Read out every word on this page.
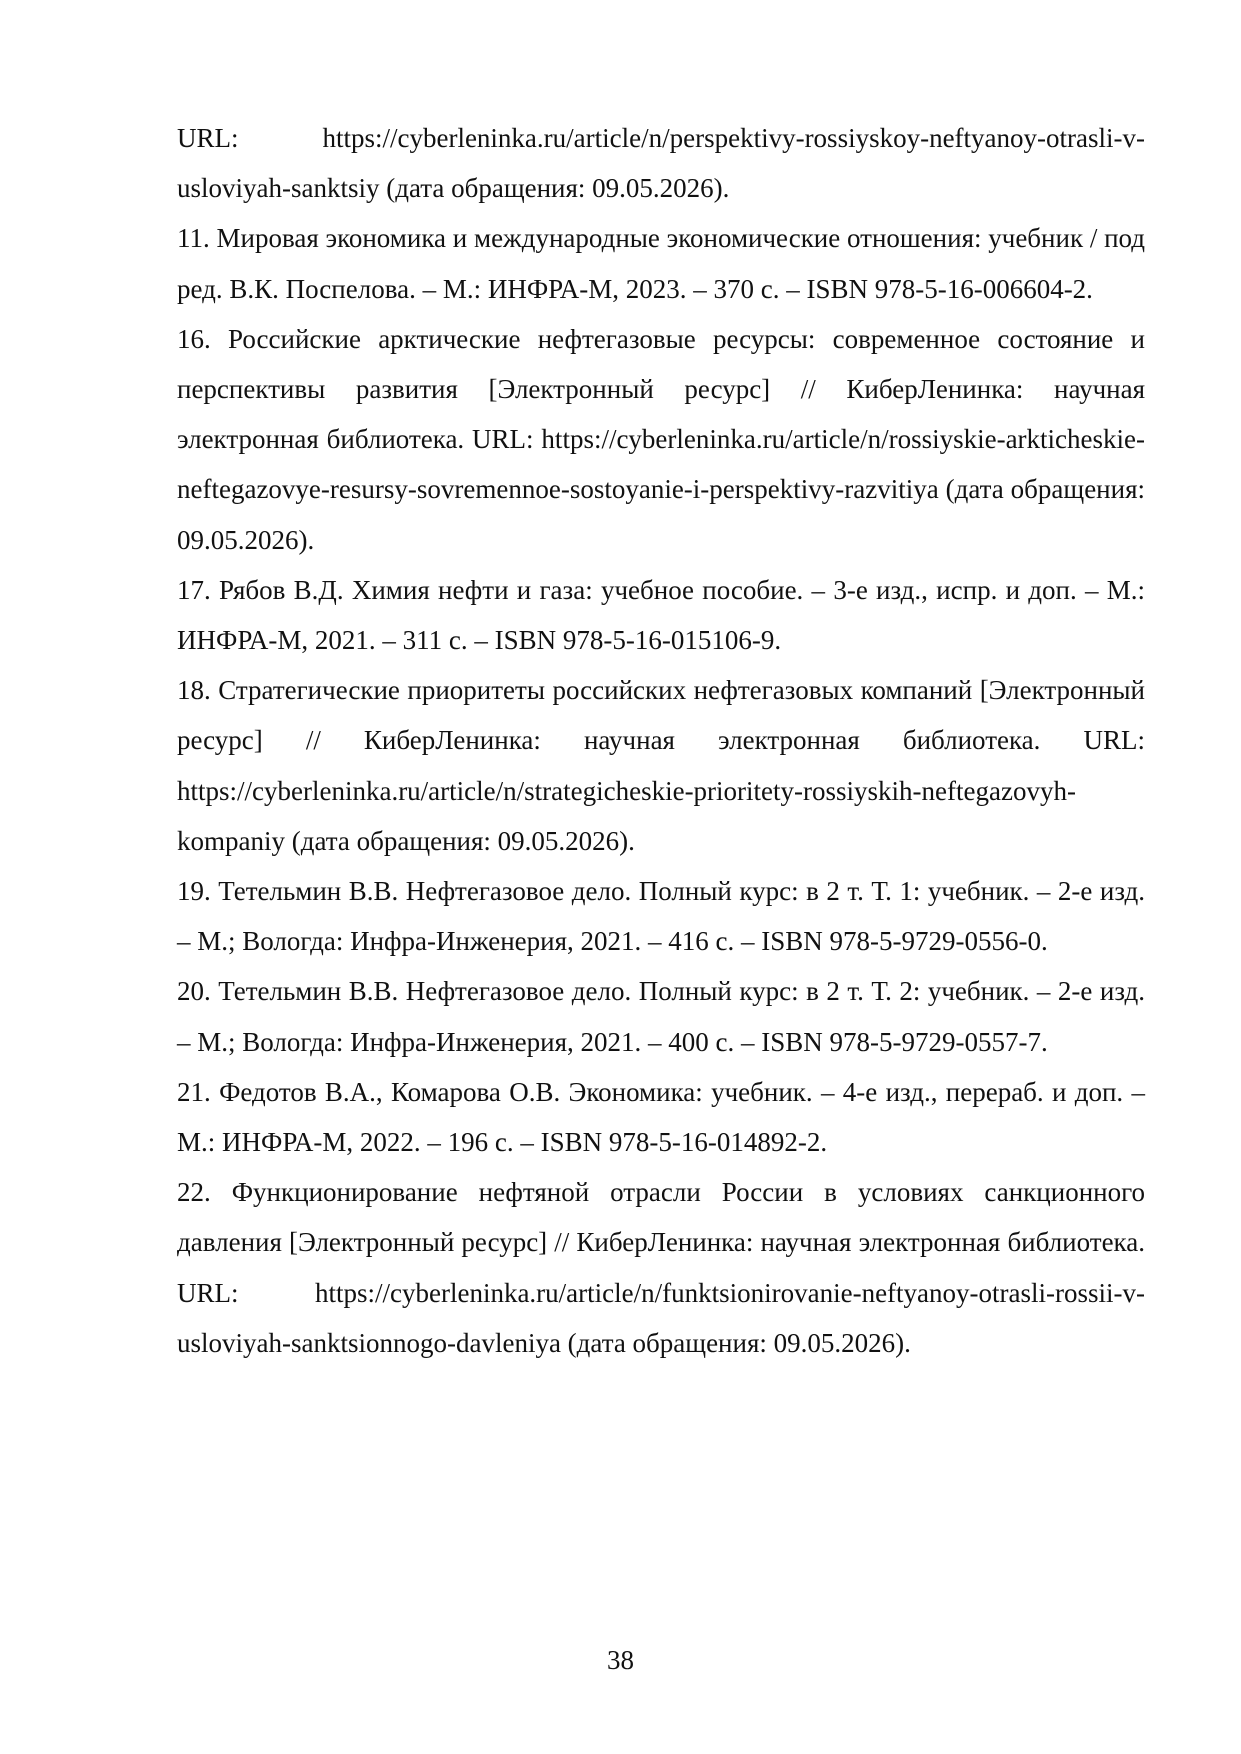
URL: https://cyberleninka.ru/article/n/perspektivy-rossiyskoy-neftyanoy-otrasli-v-usloviyah-sanktsiy (дата обращения: 09.05.2026).

11. Мировая экономика и международные экономические отношения: учебник / под ред. В.К. Поспелова. – М.: ИНФРА-М, 2023. – 370 с. – ISBN 978-5-16-006604-2.

16. Российские арктические нефтегазовые ресурсы: современное состояние и перспективы развития [Электронный ресурс] // КиберЛенинка: научная электронная библиотека. URL: https://cyberleninka.ru/article/n/rossiyskie-arkticheskie-neftegazovye-resursy-sovremennoe-sostoyanie-i-perspektivy-razvitiya (дата обращения: 09.05.2026).

17. Рябов В.Д. Химия нефти и газа: учебное пособие. – 3-е изд., испр. и доп. – М.: ИНФРА-М, 2021. – 311 с. – ISBN 978-5-16-015106-9.

18. Стратегические приоритеты российских нефтегазовых компаний [Электронный ресурс] // КиберЛенинка: научная электронная библиотека. URL: https://cyberleninka.ru/article/n/strategicheskie-prioritety-rossiyskih-neftegazovyh-kompaniy (дата обращения: 09.05.2026).

19. Тетельмин В.В. Нефтегазовое дело. Полный курс: в 2 т. Т. 1: учебник. – 2-е изд. – М.; Вологда: Инфра-Инженерия, 2021. – 416 с. – ISBN 978-5-9729-0556-0.

20. Тетельмин В.В. Нефтегазовое дело. Полный курс: в 2 т. Т. 2: учебник. – 2-е изд. – М.; Вологда: Инфра-Инженерия, 2021. – 400 с. – ISBN 978-5-9729-0557-7.

21. Федотов В.А., Комарова О.В. Экономика: учебник. – 4-е изд., перераб. и доп. – М.: ИНФРА-М, 2022. – 196 с. – ISBN 978-5-16-014892-2.

22. Функционирование нефтяной отрасли России в условиях санкционного давления [Электронный ресурс] // КиберЛенинка: научная электронная библиотека. URL: https://cyberleninka.ru/article/n/funktsionirovanie-neftyanoy-otrasli-rossii-v-usloviyah-sanktsionnogo-davleniya (дата обращения: 09.05.2026).

38
